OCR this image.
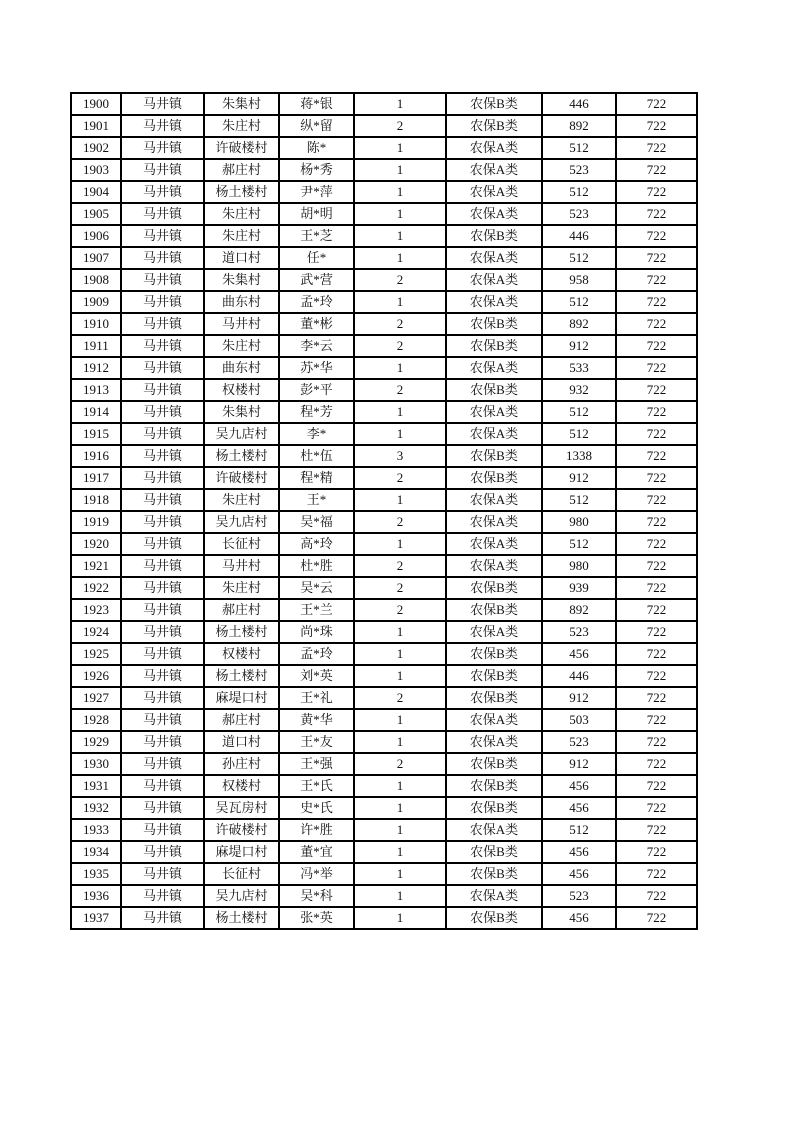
1900	马井镇	朱集村	蒋*银	1	农保B类	446	722
1901	马井镇	朱庄村	纵*留	2	农保B类	892	722
1902	马井镇	许破楼村	陈*	1	农保A类	512	722
1903	马井镇	郝庄村	杨*秀	1	农保A类	523	722
1904	马井镇	杨土楼村	尹*萍	1	农保A类	512	722
1905	马井镇	朱庄村	胡*明	1	农保A类	523	722
1906	马井镇	朱庄村	王*芝	1	农保B类	446	722
1907	马井镇	道口村	任*	1	农保A类	512	722
1908	马井镇	朱集村	武*营	2	农保A类	958	722
1909	马井镇	曲东村	孟*玲	1	农保A类	512	722
1910	马井镇	马井村	董*彬	2	农保B类	892	722
1911	马井镇	朱庄村	李*云	2	农保B类	912	722
1912	马井镇	曲东村	苏*华	1	农保A类	533	722
1913	马井镇	权楼村	彭*平	2	农保B类	932	722
1914	马井镇	朱集村	程*芳	1	农保A类	512	722
1915	马井镇	吴九店村	李*	1	农保A类	512	722
1916	马井镇	杨土楼村	杜*伍	3	农保B类	1338	722
1917	马井镇	许破楼村	程*精	2	农保B类	912	722
1918	马井镇	朱庄村	王*	1	农保A类	512	722
1919	马井镇	吴九店村	吴*福	2	农保A类	980	722
1920	马井镇	长征村	高*玲	1	农保A类	512	722
1921	马井镇	马井村	杜*胜	2	农保A类	980	722
1922	马井镇	朱庄村	吴*云	2	农保B类	939	722
1923	马井镇	郝庄村	王*兰	2	农保B类	892	722
1924	马井镇	杨土楼村	尚*珠	1	农保A类	523	722
1925	马井镇	权楼村	孟*玲	1	农保B类	456	722
1926	马井镇	杨土楼村	刘*英	1	农保B类	446	722
1927	马井镇	麻堤口村	王*礼	2	农保B类	912	722
1928	马井镇	郝庄村	黄*华	1	农保A类	503	722
1929	马井镇	道口村	王*友	1	农保A类	523	722
1930	马井镇	孙庄村	王*强	2	农保B类	912	722
1931	马井镇	权楼村	王*氏	1	农保B类	456	722
1932	马井镇	吴瓦房村	史*氏	1	农保B类	456	722
1933	马井镇	许破楼村	许*胜	1	农保A类	512	722
1934	马井镇	麻堤口村	董*宜	1	农保B类	456	722
1935	马井镇	长征村	冯*举	1	农保B类	456	722
1936	马井镇	吴九店村	吴*科	1	农保A类	523	722
1937	马井镇	杨土楼村	张*英	1	农保B类	456	722
